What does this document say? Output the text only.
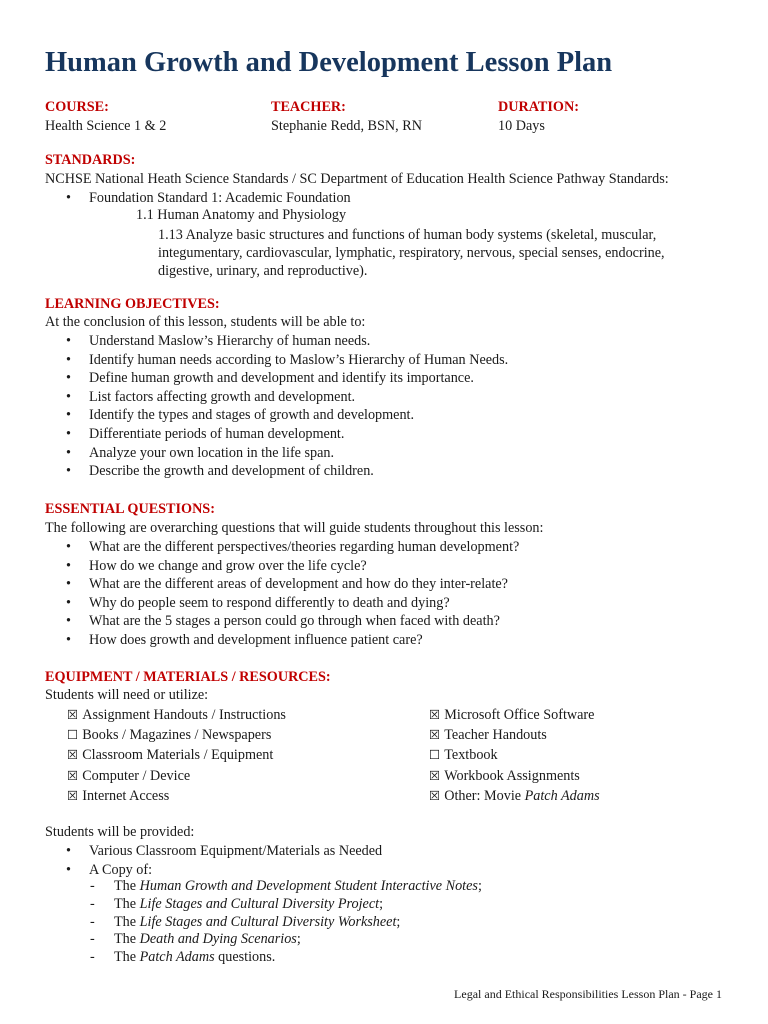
Human Growth and Development Lesson Plan
COURSE:
Health Science 1 & 2
TEACHER:
Stephanie Redd, BSN, RN
DURATION:
10 Days
STANDARDS:
NCHSE National Heath Science Standards / SC Department of Education Health Science Pathway Standards:
• Foundation Standard 1: Academic Foundation
1.1 Human Anatomy and Physiology
1.13 Analyze basic structures and functions of human body systems (skeletal, muscular, integumentary, cardiovascular, lymphatic, respiratory, nervous, special senses, endocrine, digestive, urinary, and reproductive).
LEARNING OBJECTIVES:
At the conclusion of this lesson, students will be able to:
• Understand Maslow’s Hierarchy of human needs.
• Identify human needs according to Maslow’s Hierarchy of Human Needs.
• Define human growth and development and identify its importance.
• List factors affecting growth and development.
• Identify the types and stages of growth and development.
• Differentiate periods of human development.
• Analyze your own location in the life span.
• Describe the growth and development of children.
ESSENTIAL QUESTIONS:
The following are overarching questions that will guide students throughout this lesson:
• What are the different perspectives/theories regarding human development?
• How do we change and grow over the life cycle?
• What are the different areas of development and how do they inter-relate?
• Why do people seem to respond differently to death and dying?
• What are the 5 stages a person could go through when faced with death?
• How does growth and development influence patient care?
EQUIPMENT / MATERIALS / RESOURCES:
Students will need or utilize:
☒ Assignment Handouts / Instructions
☐ Books / Magazines / Newspapers
☒ Classroom Materials / Equipment
☒ Computer / Device
☒ Internet Access
☒ Microsoft Office Software
☒ Teacher Handouts
☐ Textbook
☒ Workbook Assignments
☒ Other: Movie Patch Adams
Students will be provided:
• Various Classroom Equipment/Materials as Needed
• A Copy of:
- The Human Growth and Development Student Interactive Notes;
- The Life Stages and Cultural Diversity Project;
- The Life Stages and Cultural Diversity Worksheet;
- The Death and Dying Scenarios;
- The Patch Adams questions.
Legal and Ethical Responsibilities Lesson Plan - Page 1
